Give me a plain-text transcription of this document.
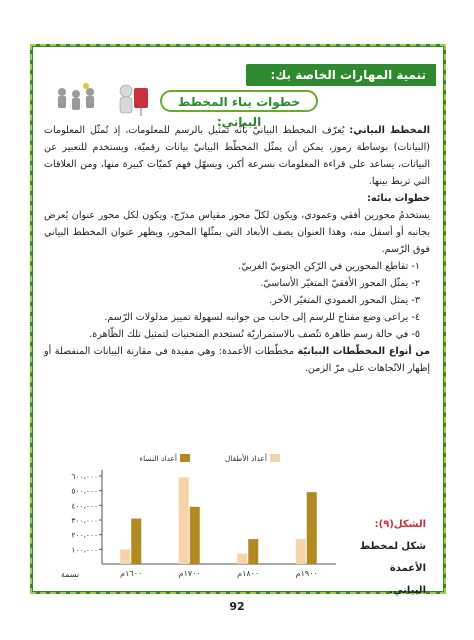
تنمية المهارات الخاصة بك:
خطوات بناء المخطط البياني:

المخطط البياني: يُعرّف المخطط البيانيّ بأنّه تمثيل بالرسم للمعلومات، إذ تُمثّل المعلومات (البيانات) بوساطة رموز، يمكن أن يمثّل المخطّط البيانيّ بيانات رقميّة، ويستخدم للتعبير عن البيانات، يساعد على قراءة المعلومات بسرعة أكبر، ويسهّل فهم كميّات كبيرة منها، ومن العلاقات التي تربط بينها.

خطوات بنائه:

يستخدمُ محورين أفقي وعمودي، ويكون لكلّ محور مقياس مدرّج، ويكون لكل محور عنوان يُعرض بجانبه أو أسفل منه، وهذا العنوان يصف الأبعاد التي يمثّلها المحور، ويظهر عنوان المخطط البياني فوق الرّسم.

١- تقاطع المحورين في الرّكن الجنوبيّ الغربيّ.
٢- يمثّل المحور الأفقيّ المتغيّر الأساسيّ.
٣- يمثل المحور العمودي المتغيّر الآخر.
٤- يراعى وضع مفتاح للرسم إلى جانب من جوانبه لسهولة تمييز مدلولات الرّسم.
٥- في حالة رسم ظاهرة تتّصف بالاستمراريّة تُستخدم المنحنيات لتمثيل تلك الظّاهرة.

من أنواع المخطّطات البيانيّة مخطّطات الأعمدة: وهي مفيدة في مقارنة البيانات المنفصلة أو إظهار الاتّجاهات على مرّ الزمن.

١٠٠،٠٠٠
٢٠٠،٠٠٠
٣٠٠،٠٠٠
٤٠٠،٠٠٠
٥٠٠،٠٠٠
٦٠٠،٠٠٠
نسمة	١٦٠٠م	١٧٠٠م	١٨٠٠م	١٩٠٠م
أعداد الأطفال
أعداد النساء
الشكل(٩): شكل لمخطط الأعمدة البياني.
92
